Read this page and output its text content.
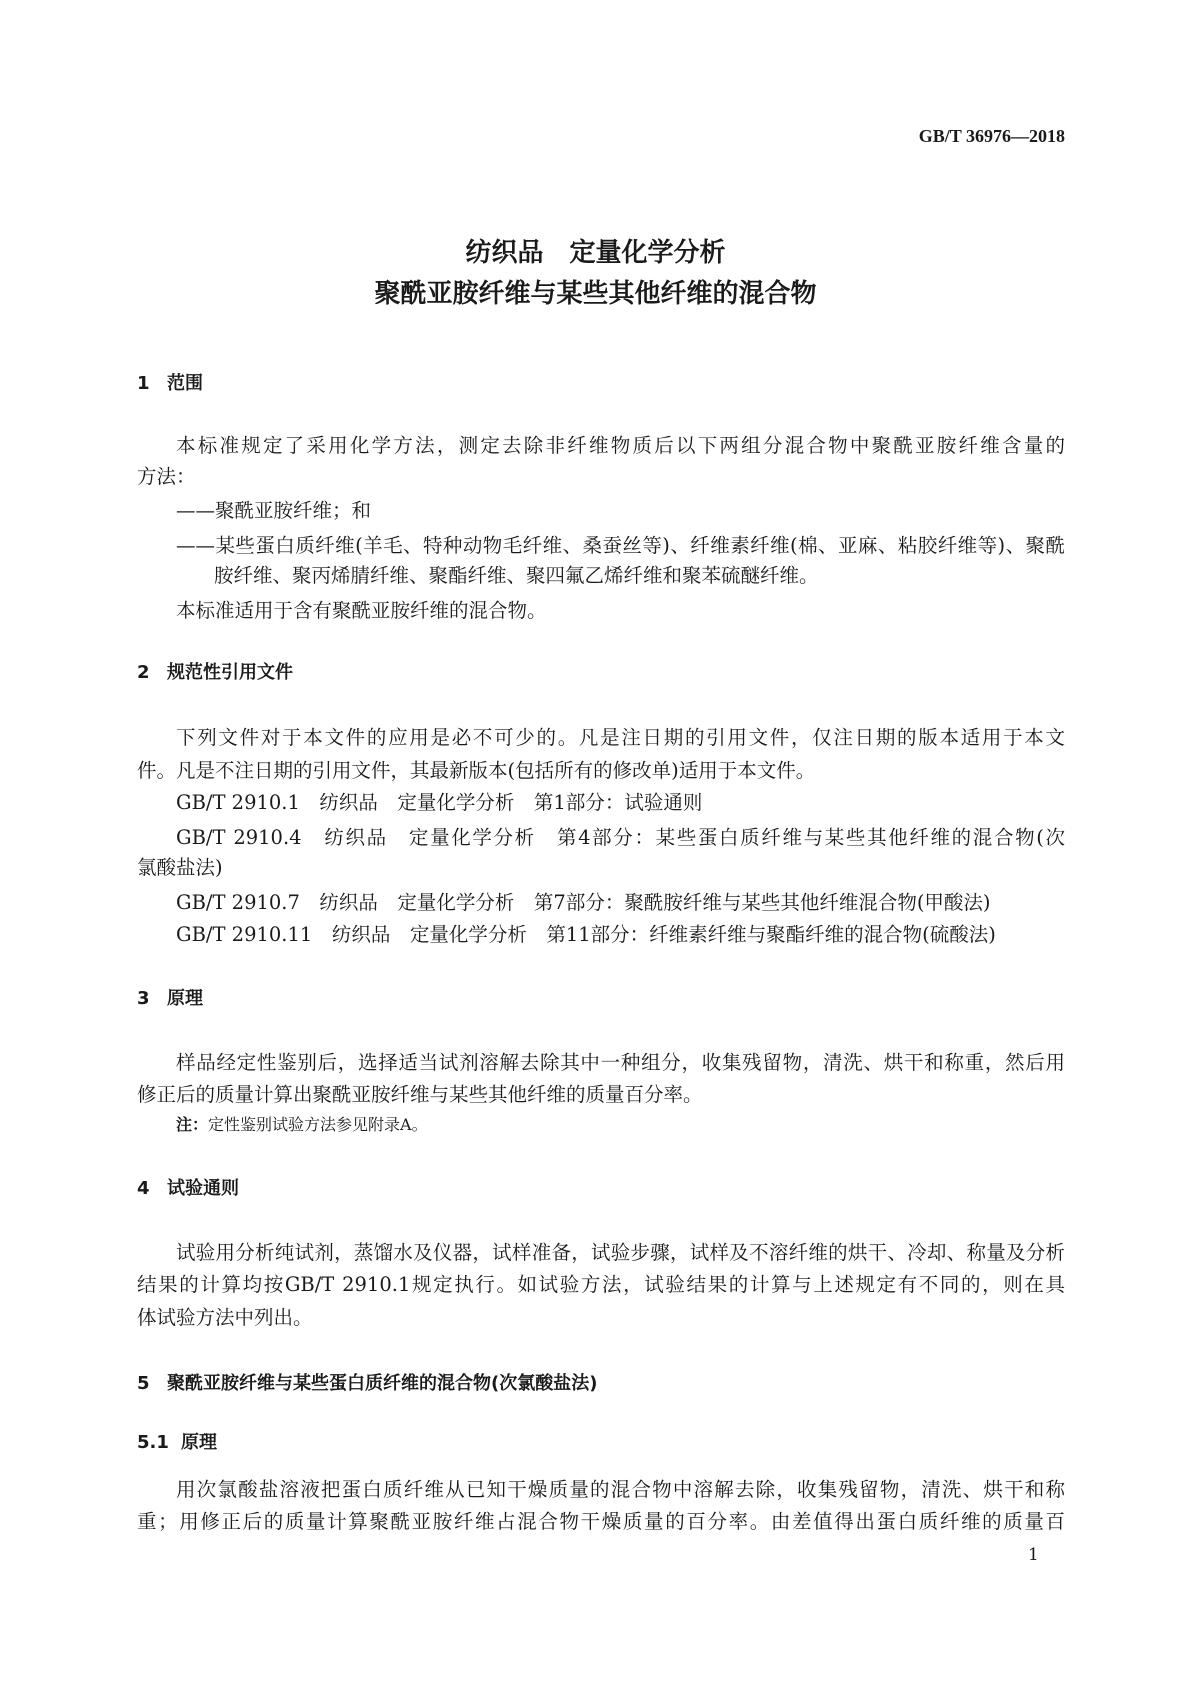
GB/T 36976—2018
纺织品　定量化学分析
聚酰亚胺纤维与某些其他纤维的混合物
1 范围
本标准规定了采用化学方法，测定去除非纤维物质后以下两组分混合物中聚酰亚胺纤维含量的
方法：
——聚酰亚胺纤维；和
——某些蛋白质纤维(羊毛、特种动物毛纤维、桑蚕丝等)、纤维素纤维(棉、亚麻、粘胶纤维等)、聚酰
胺纤维、聚丙烯腈纤维、聚酯纤维、聚四氟乙烯纤维和聚苯硫醚纤维。
本标准适用于含有聚酰亚胺纤维的混合物。
2 规范性引用文件
下列文件对于本文件的应用是必不可少的。凡是注日期的引用文件，仅注日期的版本适用于本文
件。凡是不注日期的引用文件，其最新版本(包括所有的修改单)适用于本文件。
GB/T 2910.1　纺织品　定量化学分析　第1部分：试验通则
GB/T 2910.4　纺织品　定量化学分析　第4部分：某些蛋白质纤维与某些其他纤维的混合物(次
氯酸盐法)
GB/T 2910.7　纺织品　定量化学分析　第7部分：聚酰胺纤维与某些其他纤维混合物(甲酸法)
GB/T 2910.11　纺织品　定量化学分析　第11部分：纤维素纤维与聚酯纤维的混合物(硫酸法)
3 原理
样品经定性鉴别后，选择适当试剂溶解去除其中一种组分，收集残留物，清洗、烘干和称重，然后用
修正后的质量计算出聚酰亚胺纤维与某些其他纤维的质量百分率。
注：定性鉴别试验方法参见附录A。
4 试验通则
试验用分析纯试剂，蒸馏水及仪器，试样准备，试验步骤，试样及不溶纤维的烘干、冷却、称量及分析
结果的计算均按GB/T 2910.1规定执行。如试验方法，试验结果的计算与上述规定有不同的，则在具
体试验方法中列出。
5 聚酰亚胺纤维与某些蛋白质纤维的混合物(次氯酸盐法)
5.1 原理
用次氯酸盐溶液把蛋白质纤维从已知干燥质量的混合物中溶解去除，收集残留物，清洗、烘干和称
重；用修正后的质量计算聚酰亚胺纤维占混合物干燥质量的百分率。由差值得出蛋白质纤维的质量百
1
